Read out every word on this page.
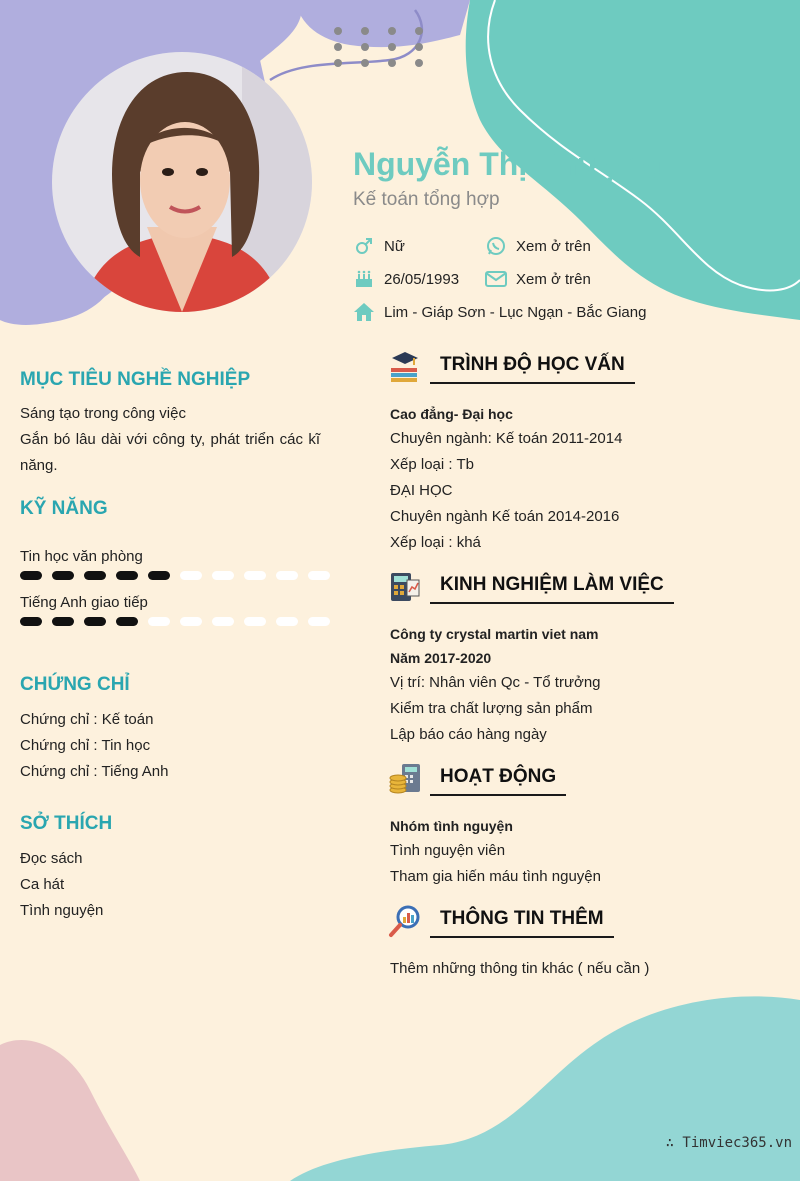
Nguyễn Thị Phượng
Kế toán tổng hợp
Nữ	Xem ở trên
26/05/1993	Xem ở trên
Lim - Giáp Sơn - Lục Ngạn - Bắc Giang
MỤC TIÊU NGHỀ NGHIỆP
Sáng tạo trong công việc
Gắn bó lâu dài với công ty, phát triển các kĩ năng.
KỸ NĂNG
Tin học văn phòng
Tiếng Anh giao tiếp
CHỨNG CHỈ
Chứng chỉ : Kế toán
Chứng chỉ : Tin học
Chứng chỉ : Tiếng Anh
SỞ THÍCH
Đọc sách
Ca hát
Tình nguyện
TRÌNH ĐỘ HỌC VẤN
Cao đẳng- Đại học
Chuyên ngành: Kế toán 2011-2014
Xếp loại : Tb
ĐẠI HỌC
Chuyên ngành Kế toán 2014-2016
Xếp loại : khá
KINH NGHIỆM LÀM VIỆC
Công ty crystal martin viet nam
Năm 2017-2020
Vị trí: Nhân viên Qc - Tổ trưởng
Kiểm tra chất lượng sản phẩm
Lập báo cáo hàng ngày
HOẠT ĐỘNG
Nhóm tình nguyện
Tình nguyện viên
Tham gia hiến máu tình nguyện
THÔNG TIN THÊM
Thêm những thông tin khác ( nếu cần )
∴ Timviec365.vn
